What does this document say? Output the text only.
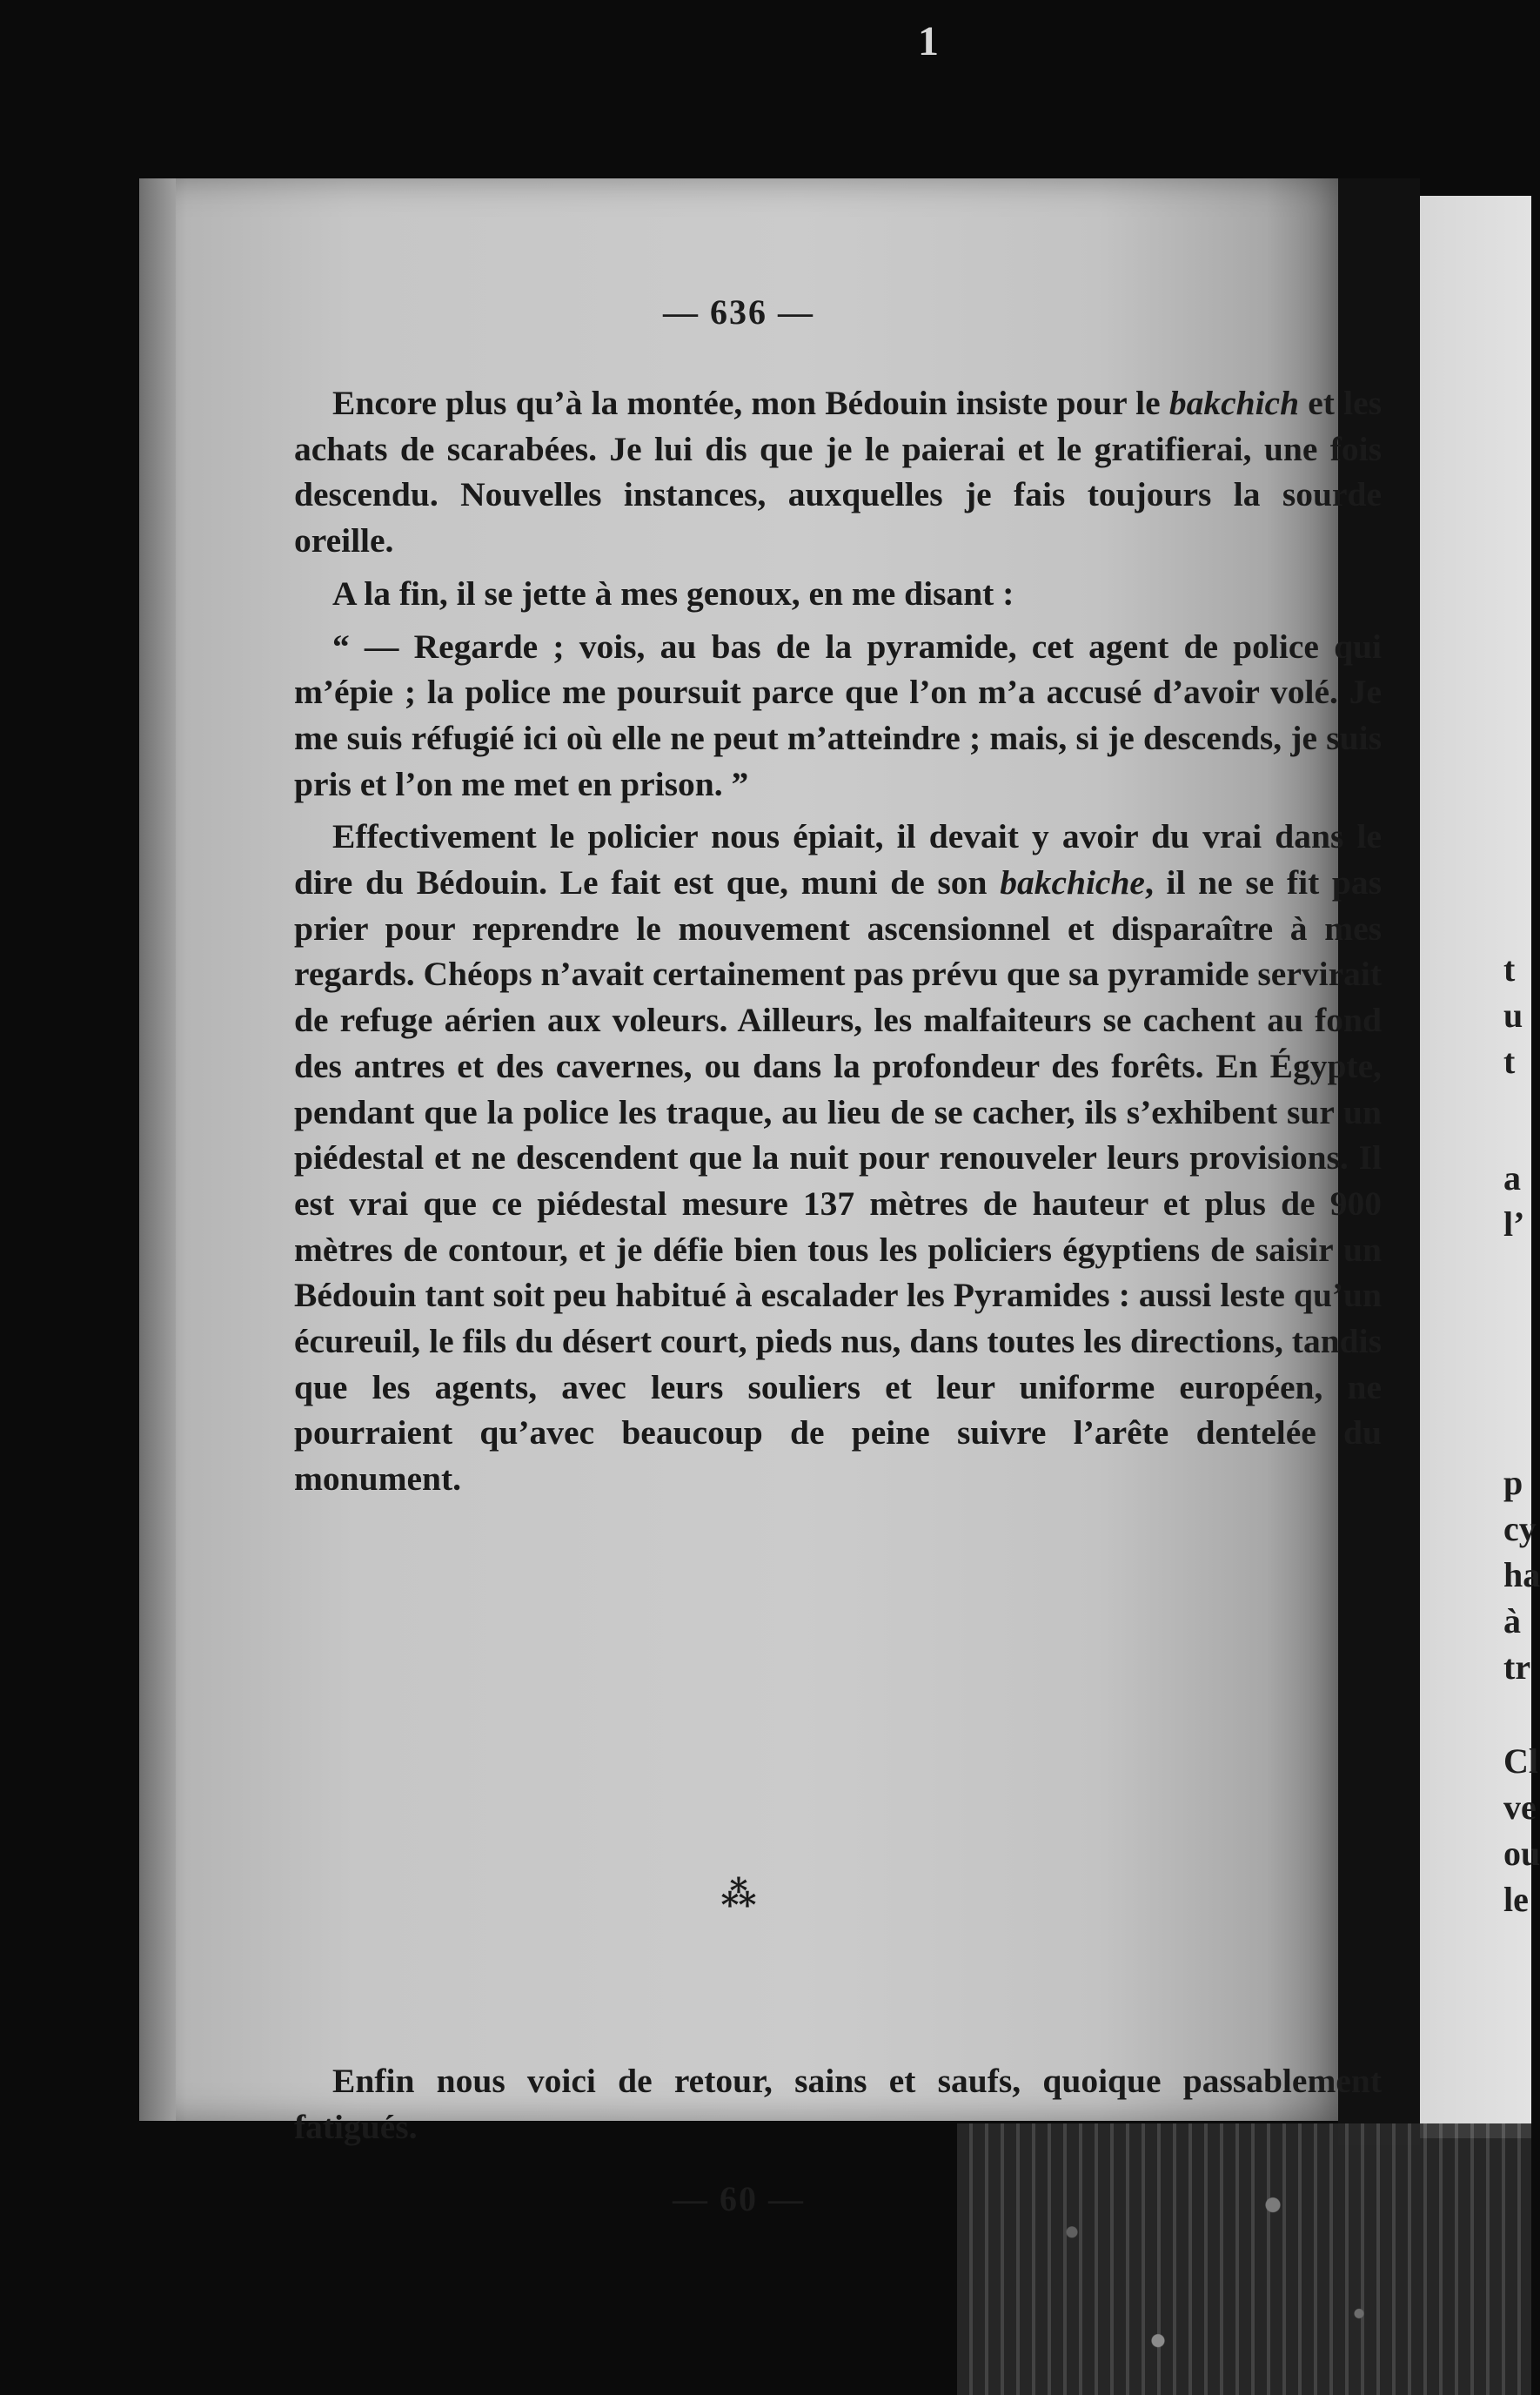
1
— 636 —

Encore plus qu’à la montée, mon Bédouin insiste pour le bakchich et les achats de scarabées. Je lui dis que je le paierai et le gratifierai, une fois descendu. Nouvelles instances, auxquelles je fais toujours la sourde oreille.

A la fin, il se jette à mes genoux, en me disant :

“ — Regarde ; vois, au bas de la pyramide, cet agent de police qui m’épie ; la police me poursuit parce que l’on m’a accusé d’avoir volé. Je me suis réfugié ici où elle ne peut m’atteindre ; mais, si je descends, je suis pris et l’on me met en prison. ”

Effectivement le policier nous épiait, il devait y avoir du vrai dans le dire du Bédouin. Le fait est que, muni de son bakchiche, il ne se fit pas prier pour reprendre le mouvement ascensionnel et disparaître à mes regards. Chéops n’avait certainement pas prévu que sa pyramide servirait de refuge aérien aux voleurs. Ailleurs, les malfaiteurs se cachent au fond des antres et des cavernes, ou dans la profondeur des forêts. En Égypte, pendant que la police les traque, au lieu de se cacher, ils s’exhibent sur un piédestal et ne descendent que la nuit pour renouveler leurs provisions. Il est vrai que ce piédestal mesure 137 mètres de hauteur et plus de 900 mètres de contour, et je défie bien tous les policiers égyptiens de saisir un Bédouin tant soit peu habitué à escalader les Pyramides : aussi leste qu’un écureuil, le fils du désert court, pieds nus, dans toutes les directions, tandis que les agents, avec leurs souliers et leur uniforme européen, ne pourraient qu’avec beaucoup de peine suivre l’arête dentelée du monument.

⁂

Enfin nous voici de retour, sains et saufs, quoique passablement fatigués.

— 60 —
t
u
t
a
l’
p
cy
ha
à
tr
Cl
ve
ou
le
